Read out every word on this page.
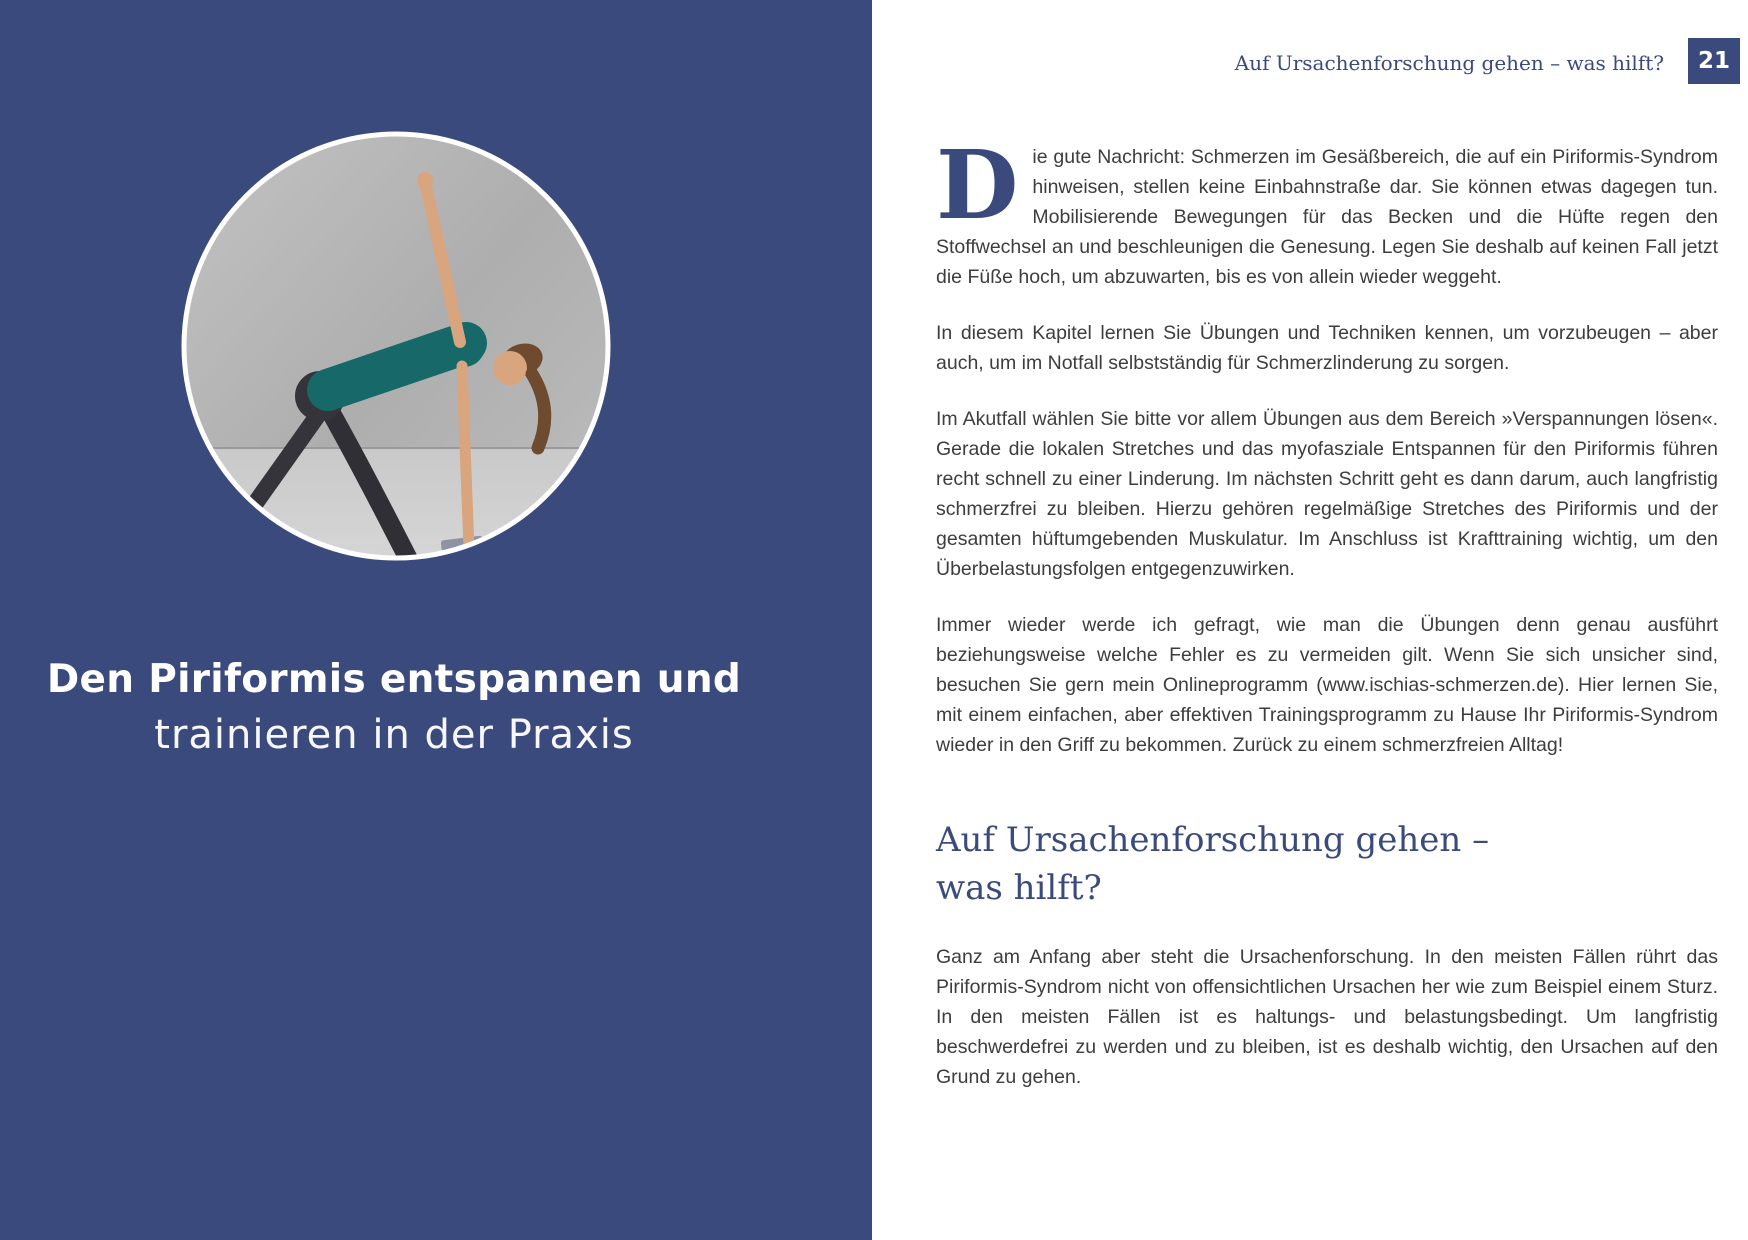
Den Piriformis entspannen und
trainieren in der Praxis
Auf Ursachenforschung gehen – was hilft?	21

Die gute Nachricht: Schmerzen im Gesäßbereich, die auf ein Piriformis-Syndrom hinweisen, stellen keine Einbahnstraße dar. Sie können etwas dagegen tun. Mobilisierende Bewegungen für das Becken und die Hüfte regen den Stoffwechsel an und beschleunigen die Genesung. Legen Sie deshalb auf keinen Fall jetzt die Füße hoch, um abzuwarten, bis es von allein wieder weggeht.

In diesem Kapitel lernen Sie Übungen und Techniken kennen, um vorzubeugen – aber auch, um im Notfall selbstständig für Schmerzlinderung zu sorgen.

Im Akutfall wählen Sie bitte vor allem Übungen aus dem Bereich »Verspannungen lösen«. Gerade die lokalen Stretches und das myofasziale Entspannen für den Piriformis führen recht schnell zu einer Linderung. Im nächsten Schritt geht es dann darum, auch langfristig schmerzfrei zu bleiben. Hierzu gehören regelmäßige Stretches des Piriformis und der gesamten hüftumgebenden Muskulatur. Im Anschluss ist Krafttraining wichtig, um den Überbelastungsfolgen entgegenzuwirken.

Immer wieder werde ich gefragt, wie man die Übungen denn genau ausführt beziehungsweise welche Fehler es zu vermeiden gilt. Wenn Sie sich unsicher sind, besuchen Sie gern mein Onlineprogramm (www.ischias-schmerzen.de). Hier lernen Sie, mit einem einfachen, aber effektiven Trainingsprogramm zu Hause Ihr Piriformis-Syndrom wieder in den Griff zu bekommen. Zurück zu einem schmerzfreien Alltag!

Auf Ursachenforschung gehen –
was hilft?

Ganz am Anfang aber steht die Ursachenforschung. In den meisten Fällen rührt das Piriformis-Syndrom nicht von offensichtlichen Ursachen her wie zum Beispiel einem Sturz. In den meisten Fällen ist es haltungs- und belastungsbedingt. Um langfristig beschwerdefrei zu werden und zu bleiben, ist es deshalb wichtig, den Ursachen auf den Grund zu gehen.
